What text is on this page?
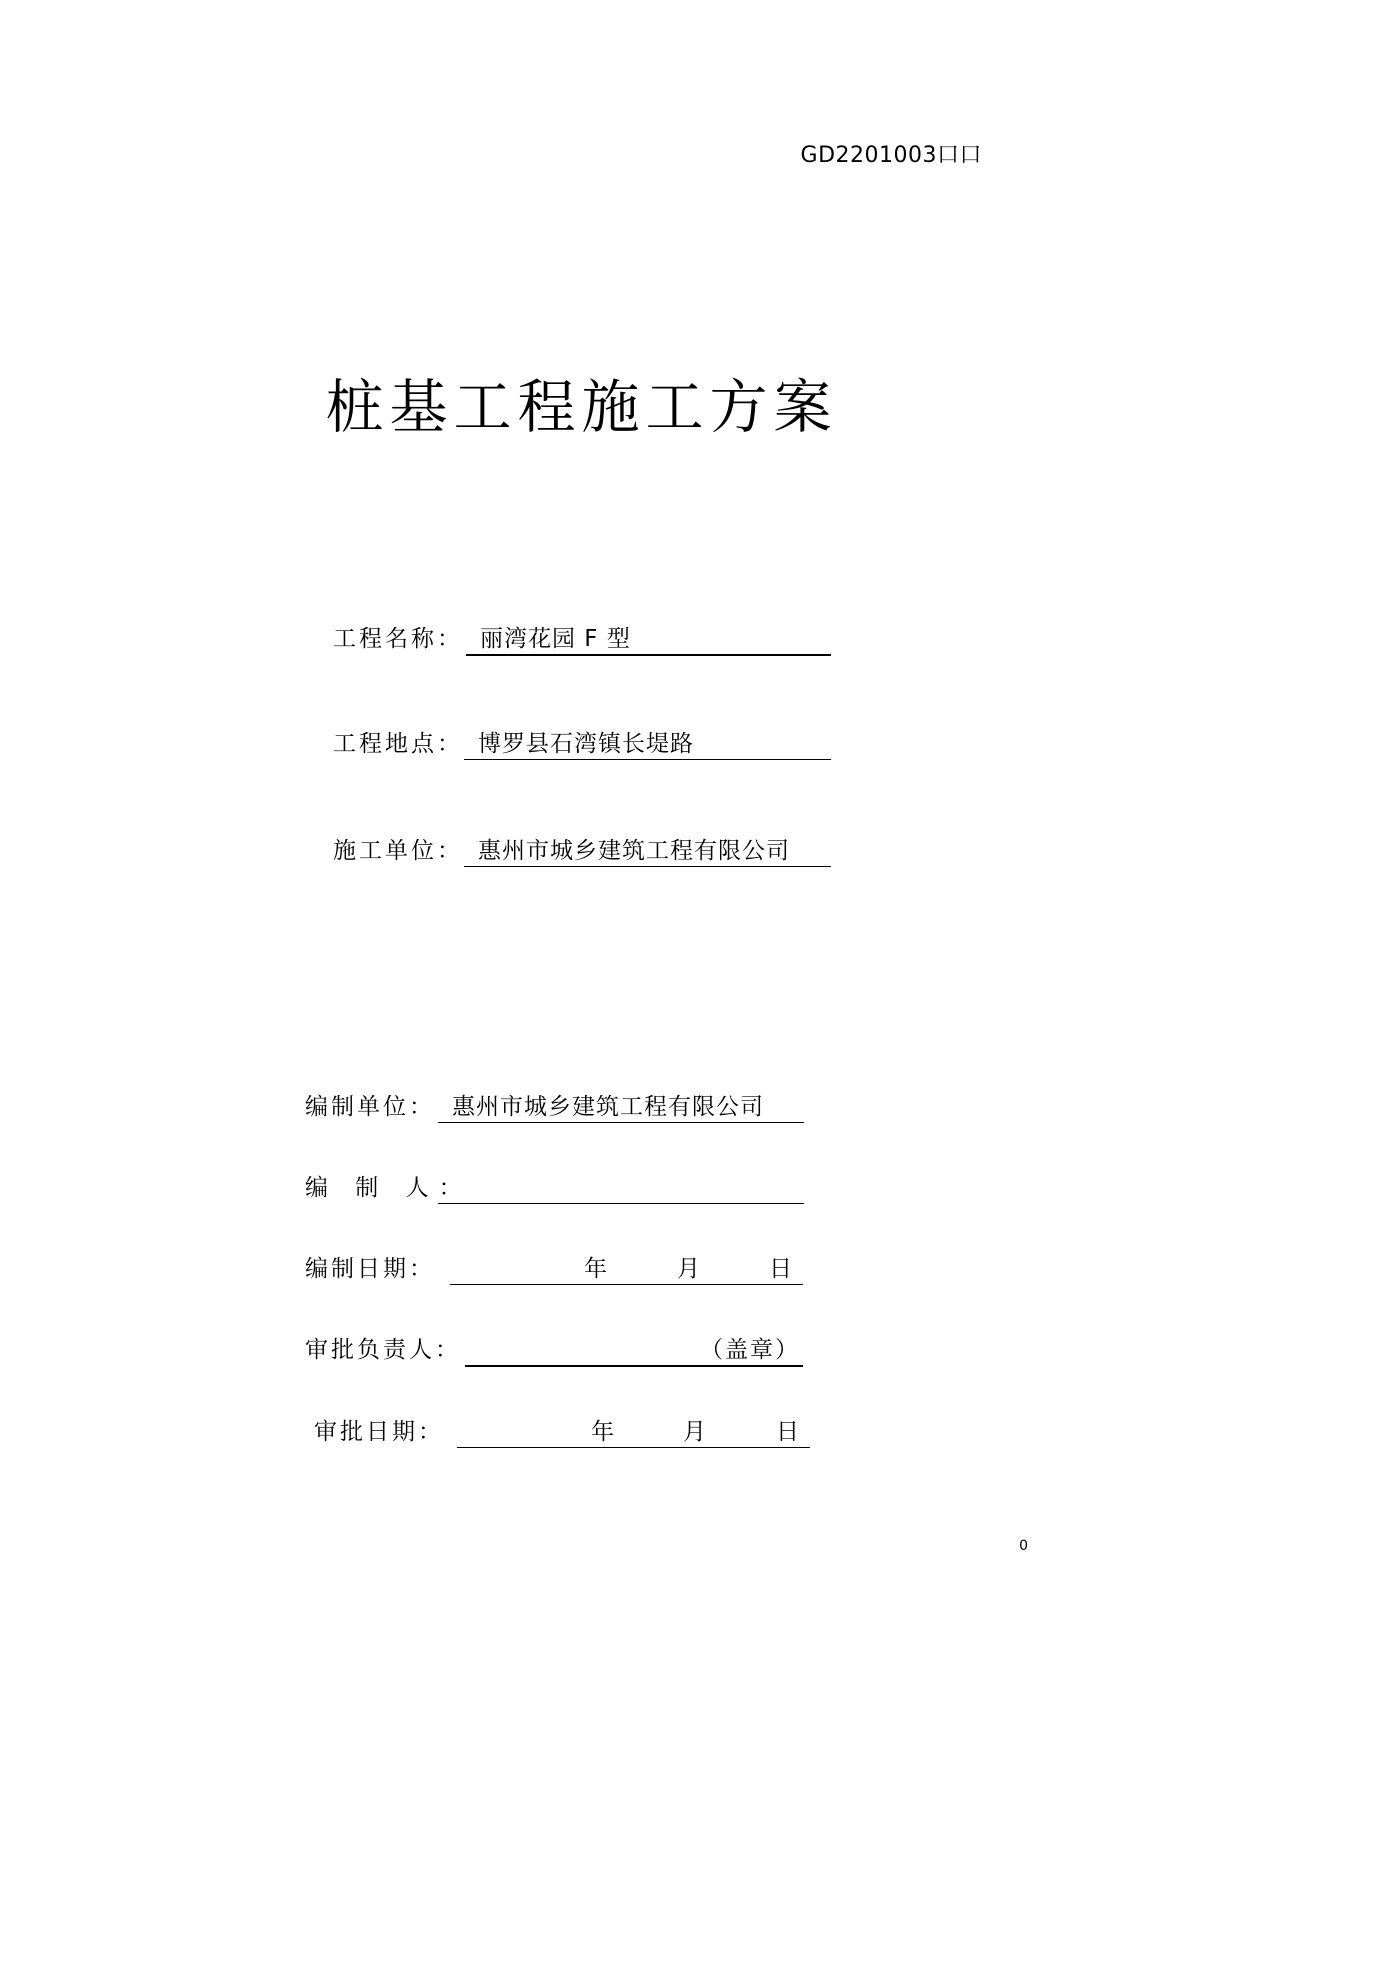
GD2201003口口
桩基工程施工方案
工程名称： 丽湾花园 F 型
工程地点： 博罗县石湾镇长堤路
施工单位： 惠州市城乡建筑工程有限公司
编制单位： 惠州市城乡建筑工程有限公司
编 制 人：
编制日期：	年	月	日
审批负责人：	（盖章）
审批日期：	年	月	日
0
